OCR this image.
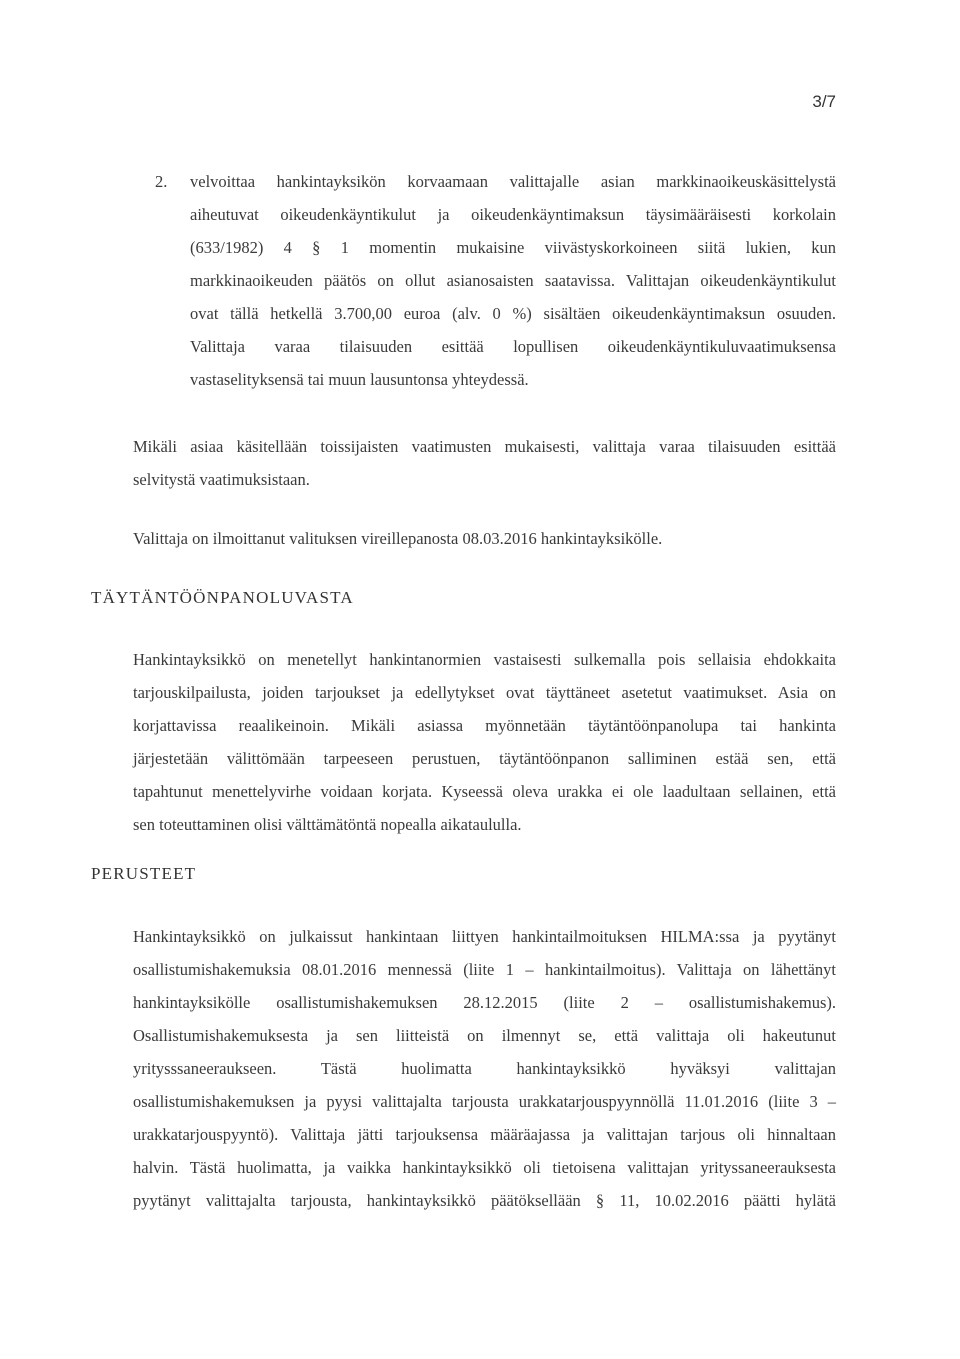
3/7
2. velvoittaa hankintayksikön korvaamaan valittajalle asian markkinaoikeuskäsittelystä
aiheutuvat oikeudenkäyntikulut ja oikeudenkäyntimaksun täysimääräisesti korkolain
(633/1982) 4 § 1 momentin mukaisine viivästyskorkoineen siitä lukien, kun
markkinaoikeuden päätös on ollut asianosaisten saatavissa. Valittajan oikeudenkäyntikulut
ovat tällä hetkellä 3.700,00 euroa (alv. 0 %) sisältäen oikeudenkäyntimaksun osuuden.
Valittaja varaa tilaisuuden esittää lopullisen oikeudenkäyntikuluvaatimuksensa
vastaselityksensä tai muun lausuntonsa yhteydessä.
Mikäli asiaa käsitellään toissijaisten vaatimusten mukaisesti, valittaja varaa tilaisuuden esittää
selvitystä vaatimuksistaan.
Valittaja on ilmoittanut valituksen vireillepanosta 08.03.2016 hankintayksikölle.
TÄYTÄNTÖÖNPANOLUVASTA
Hankintayksikkö on menetellyt hankintanormien vastaisesti sulkemalla pois sellaisia ehdokkaita
tarjouskilpailusta, joiden tarjoukset ja edellytykset ovat täyttäneet asetetut vaatimukset. Asia on
korjattavissa reaalikeinoin. Mikäli asiassa myönnetään täytäntöönpanolupa tai hankinta
järjestetään välittömään tarpeeseen perustuen, täytäntöönpanon salliminen estää sen, että
tapahtunut menettelyvirhe voidaan korjata. Kyseessä oleva urakka ei ole laadultaan sellainen, että
sen toteuttaminen olisi välttämätöntä nopealla aikataululla.
PERUSTEET
Hankintayksikkö on julkaissut hankintaan liittyen hankintailmoituksen HILMA:ssa ja pyytänyt
osallistumishakemuksia 08.01.2016 mennessä (liite 1 – hankintailmoitus). Valittaja on lähettänyt
hankintayksikölle osallistumishakemuksen 28.12.2015 (liite 2 – osallistumishakemus).
Osallistumishakemuksesta ja sen liitteistä on ilmennyt se, että valittaja oli hakeutunut
yritysssaneeraukseen. Tästä huolimatta hankintayksikkö hyväksyi valittajan
osallistumishakemuksen ja pyysi valittajalta tarjousta urakkatarjouspyynnöllä 11.01.2016 (liite 3 –
urakkatarjouspyyntö). Valittaja jätti tarjouksensa määräajassa ja valittajan tarjous oli hinnaltaan
halvin. Tästä huolimatta, ja vaikka hankintayksikkö oli tietoisena valittajan yrityssaneerauksesta
pyytänyt valittajalta tarjousta, hankintayksikkö päätöksellään § 11, 10.02.2016 päätti hylätä
